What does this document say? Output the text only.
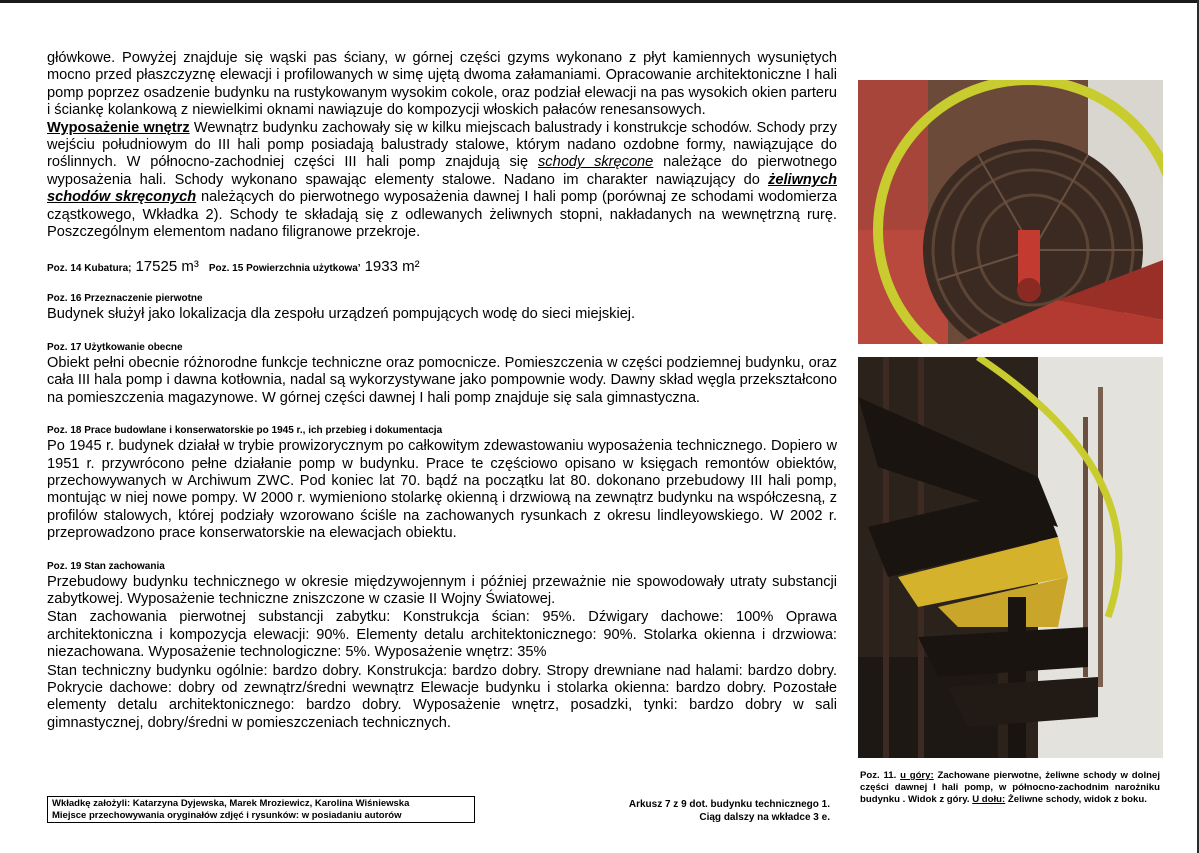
główkowe. Powyżej znajduje się wąski pas ściany, w górnej części gzyms wykonano z płyt kamiennych wysuniętych mocno przed płaszczyznę elewacji i profilowanych w simę ujętą dwoma załamaniami. Opracowanie architektoniczne I hali pomp poprzez osadzenie budynku na rustykowanym wysokim cokole, oraz podział elewacji na pas wysokich okien parteru i ściankę kolankową z niewielkimi oknami nawiązuje do kompozycji włoskich pałaców renesansowych.

Wyposażenie wnętrz Wewnątrz budynku zachowały się w kilku miejscach balustrady i konstrukcje schodów. Schody przy wejściu południowym do III hali pomp posiadają balustrady stalowe, którym nadano ozdobne formy, nawiązujące do roślinnych. W północno-zachodniej części III hali pomp znajdują się schody skręcone należące do pierwotnego wyposażenia hali. Schody wykonano spawając elementy stalowe. Nadano im charakter nawiązujący do żeliwnych schodów skręconych należących do pierwotnego wyposażenia dawnej I hali pomp (porównaj ze schodami wodomierza cząstkowego, Wkładka 2). Schody te składają się z odlewanych żeliwnych stopni, nakładanych na wewnętrzną rurę. Poszczególnym elementom nadano filigranowe przekroje.

Poz. 14 Kubatura; 17525 m³ Poz. 15 Powierzchnia użytkowa’ 1933 m²
Poz. 16 Przeznaczenie pierwotne

Budynek służył jako lokalizacja dla zespołu urządzeń pompujących wodę do sieci miejskiej.

Poz. 17 Użytkowanie obecne

Obiekt pełni obecnie różnorodne funkcje techniczne oraz pomocnicze. Pomieszczenia w części podziemnej budynku, oraz cała III hala pomp i dawna kotłownia, nadal są wykorzystywane jako pompownie wody. Dawny skład węgla przekształcono na pomieszczenia magazynowe. W górnej części dawnej I hali pomp znajduje się sala gimnastyczna.

Poz. 18 Prace budowlane i konserwatorskie po 1945 r., ich przebieg i dokumentacja

Po 1945 r. budynek działał w trybie prowizorycznym po całkowitym zdewastowaniu wyposażenia technicznego. Dopiero w 1951 r. przywrócono pełne działanie pomp w budynku. Prace te częściowo opisano w księgach remontów obiektów, przechowywanych w Archiwum ZWC. Pod koniec lat 70. bądź na początku lat 80. dokonano przebudowy III hali pomp, montując w niej nowe pompy. W 2000 r. wymieniono stolarkę okienną i drzwiową na zewnątrz budynku na współczesną, z profilów stalowych, której podziały wzorowano ściśle na zachowanych rysunkach z okresu lindleyowskiego. W 2002 r. przeprowadzono prace konserwatorskie na elewacjach obiektu.

Poz. 19 Stan zachowania

Przebudowy budynku technicznego w okresie międzywojennym i później przeważnie nie spowodowały utraty substancji zabytkowej. Wyposażenie techniczne zniszczone w czasie II Wojny Światowej.

Stan zachowania pierwotnej substancji zabytku: Konstrukcja ścian: 95%. Dźwigary dachowe: 100% Oprawa architektoniczna i kompozycja elewacji: 90%. Elementy detalu architektonicznego: 90%. Stolarka okienna i drzwiowa: niezachowana. Wyposażenie technologiczne: 5%. Wyposażenie wnętrz: 35%

Stan techniczny budynku ogólnie: bardzo dobry. Konstrukcja: bardzo dobry. Stropy drewniane nad halami: bardzo dobry. Pokrycie dachowe: dobry od zewnątrz/średni wewnątrz Elewacje budynku i stolarka okienna: bardzo dobry. Pozostałe elementy detalu architektonicznego: bardzo dobry. Wyposażenie wnętrz, posadzki, tynki: bardzo dobry w sali gimnastycznej, dobry/średni w pomieszczeniach technicznych.

Wkładkę założyli: Katarzyna Dyjewska, Marek Mroziewicz, Karolina Wiśniewska
Miejsce przechowywania oryginałów zdjęć i rysunków: w posiadaniu autorów
Arkusz 7 z 9 dot. budynku technicznego 1.
Ciąg dalszy na wkładce 3 e.
Poz. 11. u góry: Zachowane pierwotne, żeliwne schody w dolnej części dawnej I hali pomp, w północno-zachodnim narożniku budynku . Widok z góry. U dołu: Żeliwne schody, widok z boku.
